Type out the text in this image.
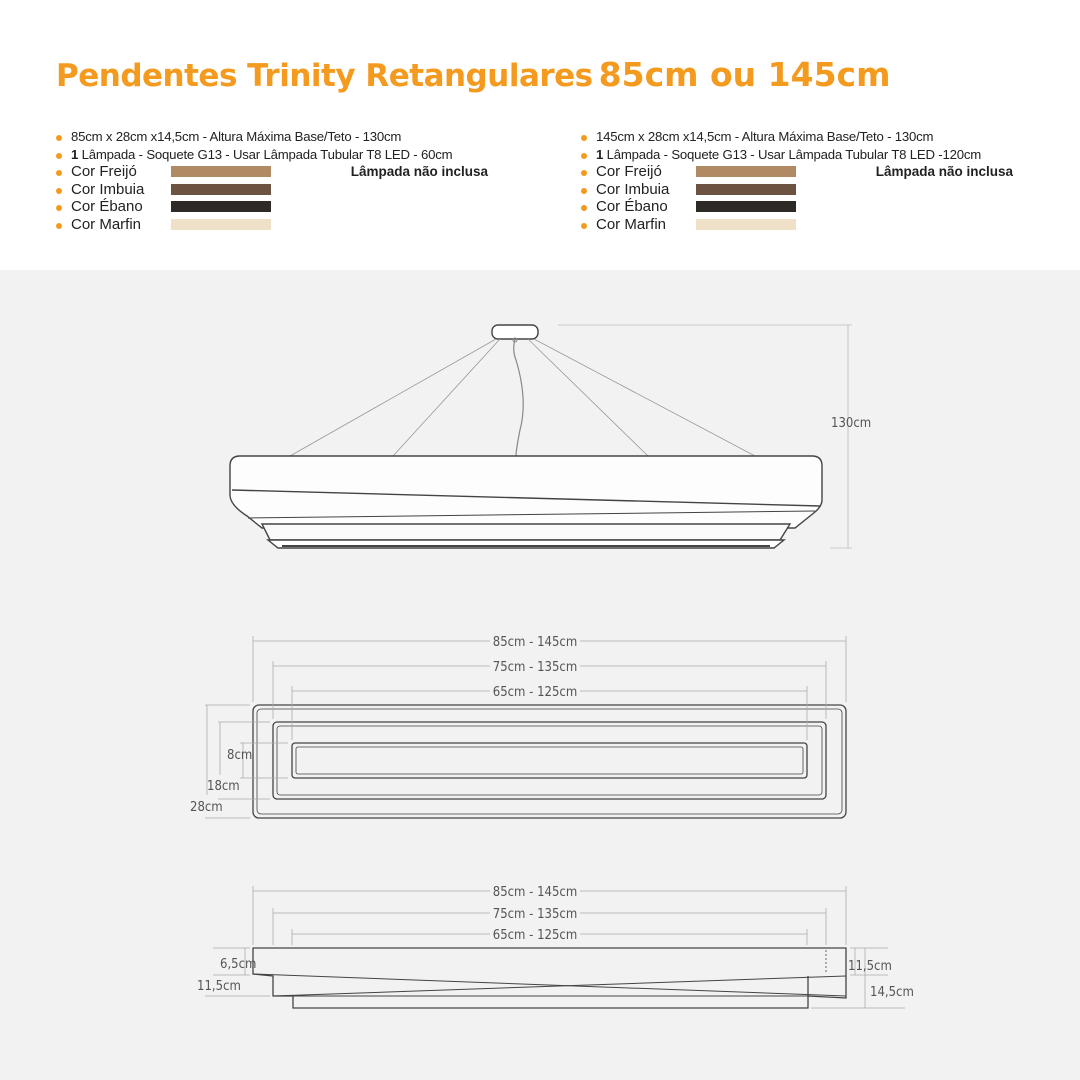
Pendentes Trinity Retangulares 85cm ou 145cm
85cm x 28cm x14,5cm - Altura Máxima Base/Teto - 130cm
1 Lâmpada - Soquete G13 - Usar Lâmpada Tubular T8 LED - 60cm
Lâmpada não inclusa
Cor Freijó
Cor Imbuia
Cor Ébano
Cor Marfin
145cm x 28cm x14,5cm - Altura Máxima Base/Teto - 130cm
1 Lâmpada - Soquete G13 - Usar Lâmpada Tubular T8 LED -120cm
Lâmpada não inclusa
Cor Freijó
Cor Imbuia
Cor Ébano
Cor Marfin
130cm
85cm - 145cm
75cm - 135cm
65cm - 125cm
8cm
18cm
28cm
85cm - 145cm
75cm - 135cm
65cm - 125cm
6,5cm
11,5cm
11,5cm
14,5cm
